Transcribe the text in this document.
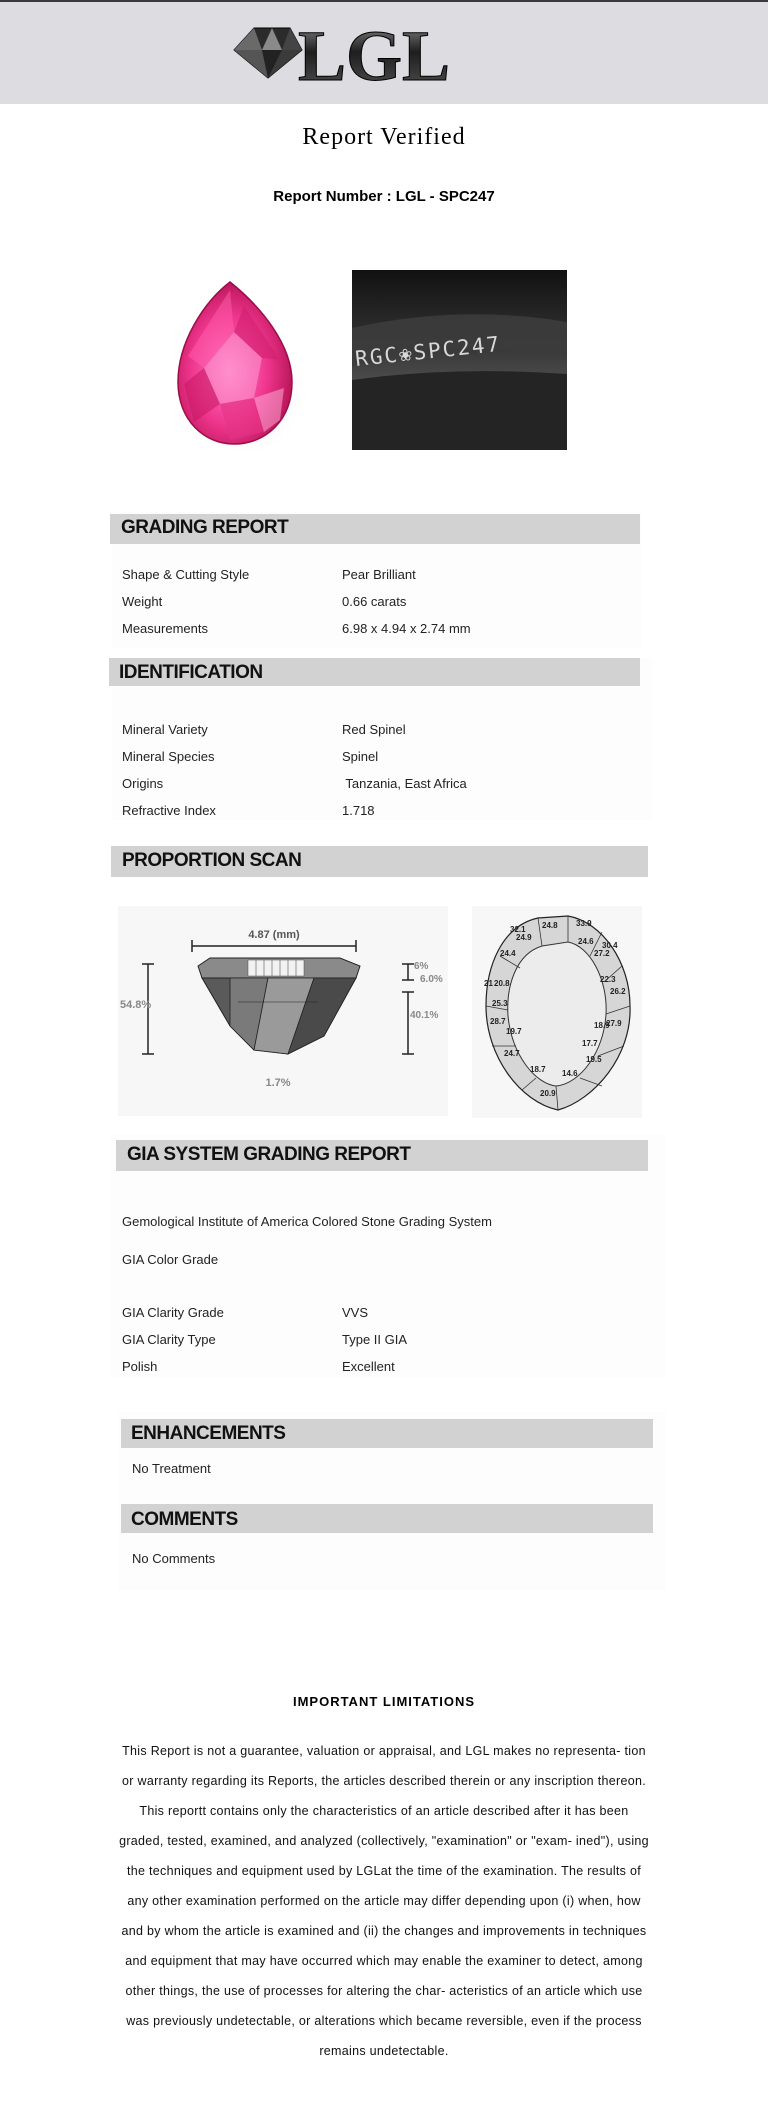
LGL
Report Verified
Report Number : LGL - SPC247
RGC❀SPC247
GRADING REPORT
Shape & Cutting Style	Pear Brilliant
Weight	0.66 carats
Measurements	6.98 x 4.94 x 2.74 mm
IDENTIFICATION
Mineral Variety	Red Spinel
Mineral Species	Spinel
Origins	Tanzania, East Africa
Refractive Index	1.718
PROPORTION SCAN
4.87 (mm)
54.8%
1.7%
6%
6.0%
40.1%
32.1 24.8 33.9
24.9	24.6 30.4
24.4	27.2
22.3
21 20.8
26.2
25.3
28.7
19.7
18.9
27.9
17.7
24.7
19.5
18.7 14.6
20.9
GIA SYSTEM GRADING REPORT
Gemological Institute of America Colored Stone Grading System
GIA Color Grade
GIA Clarity Grade	VVS
GIA Clarity Type	Type II GIA
Polish	Excellent
ENHANCEMENTS
No Treatment
COMMENTS
No Comments
IMPORTANT LIMITATIONS
This Report is not a guarantee, valuation or appraisal, and LGL makes no representa- tion or warranty regarding its Reports, the articles described therein or any inscription thereon. This reportt contains only the characteristics of an article described after it has been graded, tested, examined, and analyzed (collectively, "examination" or "exam- ined"), using the techniques and equipment used by LGLat the time of the examination. The results of any other examination performed on the article may differ depending upon (i) when, how and by whom the article is examined and (ii) the changes and improvements in techniques and equipment that may have occurred which may enable the examiner to detect, among other things, the use of processes for altering the char- acteristics of an article which use was previously undetectable, or alterations which became reversible, even if the process remains undetectable.
